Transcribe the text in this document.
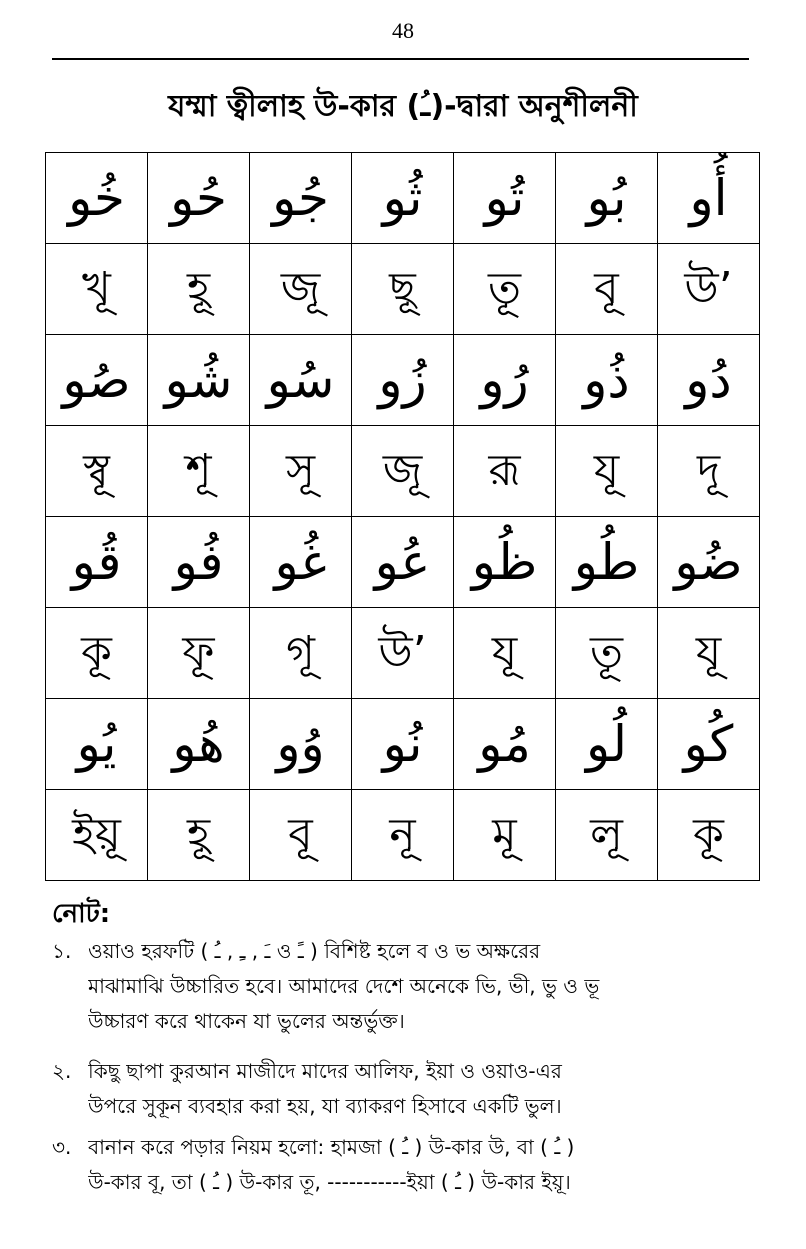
48
যম্মা ত্বীলাহ উ-কার (ـُ)-দ্বারা অনুশীলনী
أُو	بُو	تُو	ثُو	جُو	حُو	خُو
’উ	বূ	তূ	ছূ	জূ	হূ	খূ
دُو	ذُو	رُو	زُو	سُو	شُو	صُو
দূ	যূ	রূ	জূ	সূ	শূ	স্বূ
ضُو	طُو	ظُو	عُو	غُو	فُو	قُو
যূ	তূ	যূ	’উ	গূ	ফূ	কূ
كُو	لُو	مُو	نُو	وُو	هُو	يُو
কূ	লূ	মূ	নূ	বূ	হূ	ইয়ূ
নোট:
১. ওয়াও হরফটি ( ـَ , ـِ , ـُ ও ـً ) বিশিষ্ট হলে ব ও ভ অক্ষরের
মাঝামাঝি উচ্চারিত হবে। আমাদের দেশে অনেকে ভি, ভী, ভু ও ভূ
উচ্চারণ করে থাকেন যা ভুলের অন্তর্ভুক্ত।
২. কিছু ছাপা কুরআন মাজীদে মাদের আলিফ, ইয়া ও ওয়াও-এর
উপরে সুকূন ব্যবহার করা হয়, যা ব্যাকরণ হিসাবে একটি ভুল।
৩. বানান করে পড়ার নিয়ম হলো: হামজা ( ـُ ) উ-কার উ, বা ( ـُ )
উ-কার বূ, তা ( ـُ ) উ-কার তূ, -----------ইয়া ( ـُ ) উ-কার ইয়ূ।
